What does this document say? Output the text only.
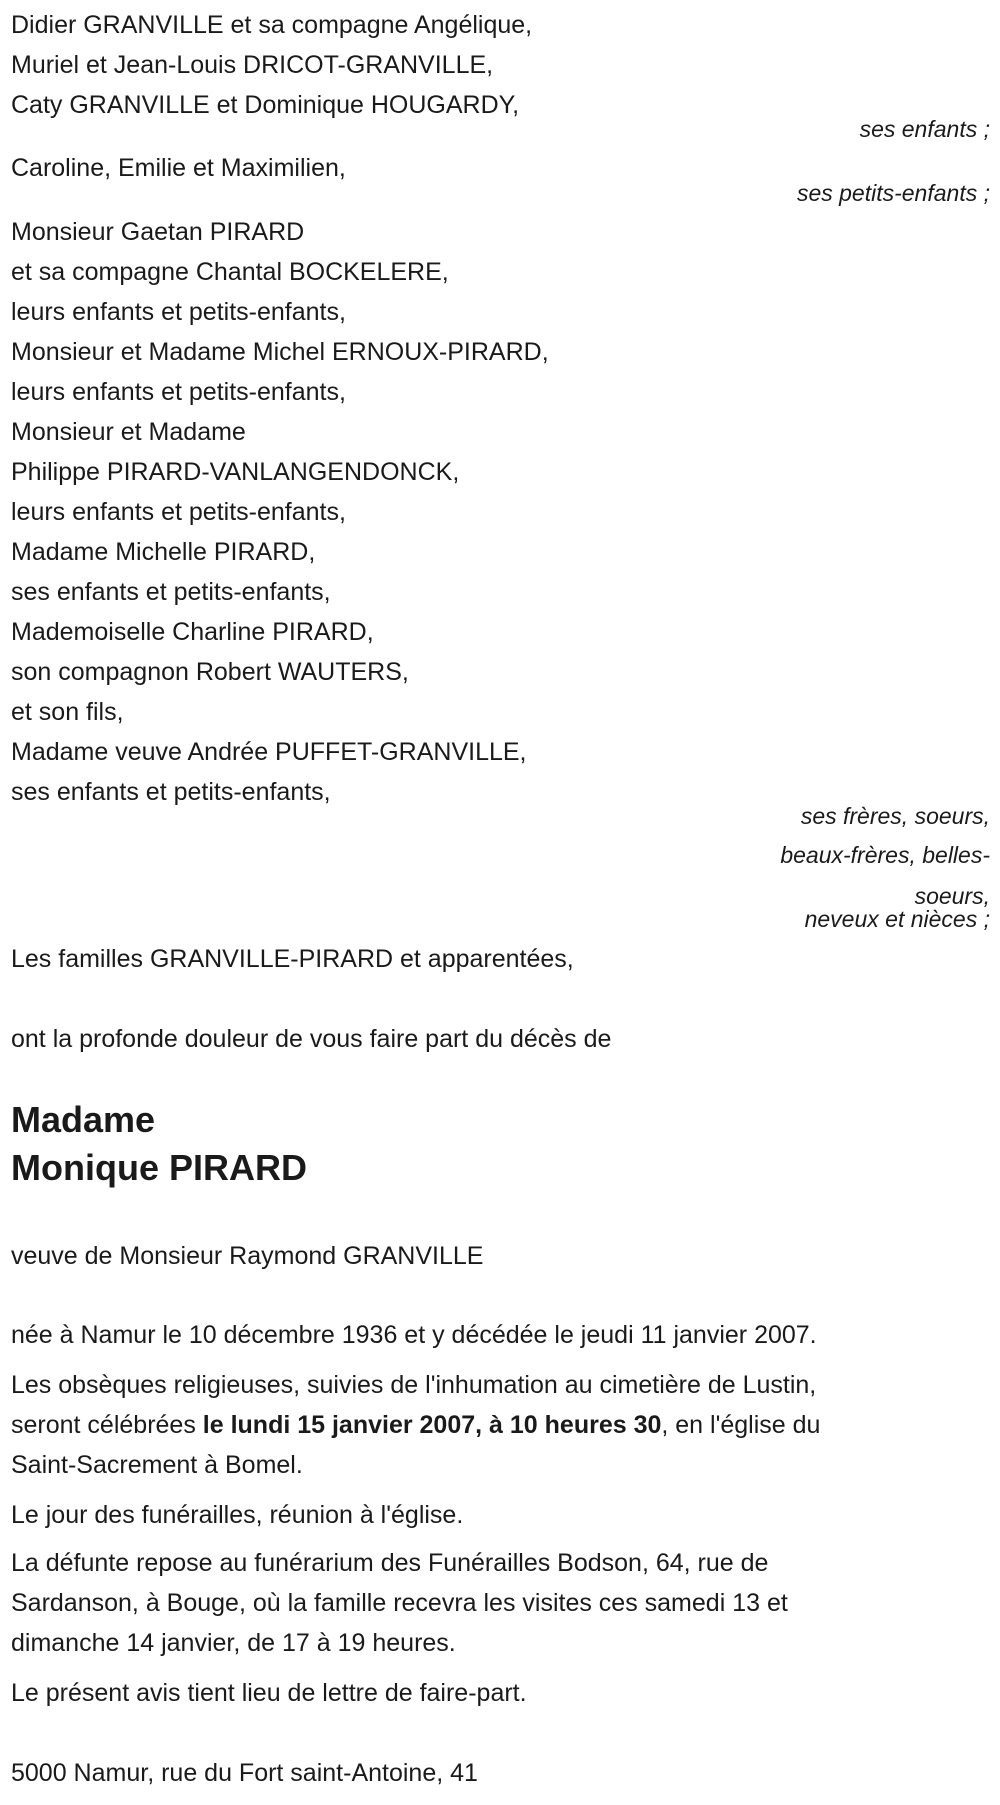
Didier GRANVILLE et sa compagne Angélique,
Muriel et Jean-Louis DRICOT-GRANVILLE,
Caty GRANVILLE et Dominique HOUGARDY,
ses enfants ;
Caroline, Emilie et Maximilien,
ses petits-enfants ;
Monsieur Gaetan PIRARD
et sa compagne Chantal BOCKELERE,
leurs enfants et petits-enfants,
Monsieur et Madame Michel ERNOUX-PIRARD,
leurs enfants et petits-enfants,
Monsieur et Madame
Philippe PIRARD-VANLANGENDONCK,
leurs enfants et petits-enfants,
Madame Michelle PIRARD,
ses enfants et petits-enfants,
Mademoiselle Charline PIRARD,
son compagnon Robert WAUTERS,
et son fils,
Madame veuve Andrée PUFFET-GRANVILLE,
ses enfants et petits-enfants,
ses frères, soeurs,
beaux-frères, belles-
soeurs,
neveux et nièces ;
Les familles GRANVILLE-PIRARD et apparentées,
ont la profonde douleur de vous faire part du décès de
Madame
Monique PIRARD
veuve de Monsieur Raymond GRANVILLE
née à Namur le 10 décembre 1936 et y décédée le jeudi 11 janvier 2007.
Les obsèques religieuses, suivies de l'inhumation au cimetière de Lustin,
seront célébrées le lundi 15 janvier 2007, à 10 heures 30, en l'église du
Saint-Sacrement à Bomel.
Le jour des funérailles, réunion à l'église.
La défunte repose au funérarium des Funérailles Bodson, 64, rue de
Sardanson, à Bouge, où la famille recevra les visites ces samedi 13 et
dimanche 14 janvier, de 17 à 19 heures.
Le présent avis tient lieu de lettre de faire-part.
5000 Namur, rue du Fort saint-Antoine, 41
